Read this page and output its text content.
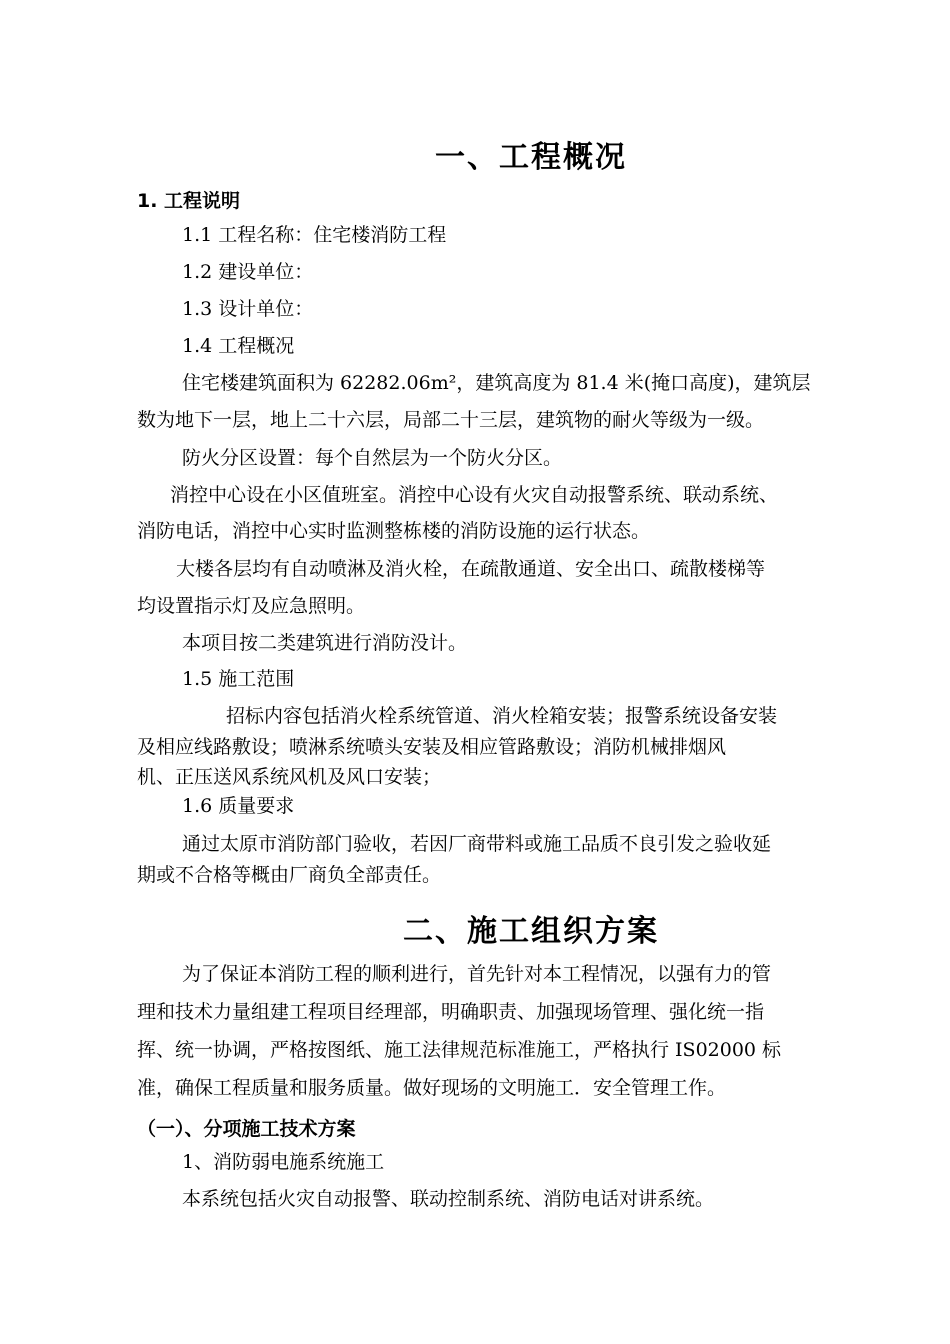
一、工程概况
1. 工程说明
1.1 工程名称：住宅楼消防工程
1.2 建设单位：
1.3 设计单位：
1.4 工程概况
住宅楼建筑面积为 62282.06m²，建筑高度为 81.4 米(掩口高度)，建筑层
数为地下一层，地上二十六层，局部二十三层，建筑物的耐火等级为一级。
防火分区设置：每个自然层为一个防火分区。
消控中心设在小区值班室。消控中心设有火灾自动报警系统、联动系统、
消防电话，消控中心实时监测整栋楼的消防设施的运行状态。
大楼各层均有自动喷淋及消火栓，在疏散通道、安全出口、疏散楼梯等
均设置指示灯及应急照明。
本项目按二类建筑进行消防没计。
1.5 施工范围
招标内容包括消火栓系统管道、消火栓箱安装；报警系统设备安装
及相应线路敷设；喷淋系统喷头安装及相应管路敷设；消防机械排烟风
机、正压送风系统风机及风口安装；
1.6 质量要求
通过太原市消防部门验收，若因厂商带料或施工品质不良引发之验收延
期或不合格等概由厂商负全部责任。
二、施工组织方案
为了保证本消防工程的顺利进行，首先针对本工程情况，以强有力的管
理和技术力量组建工程项目经理部，明确职责、加强现场管理、强化统一指
挥、统一协调，严格按图纸、施工法律规范标准施工，严格执行 IS02000 标
准，确保工程质量和服务质量。做好现场的文明施工．安全管理工作。
（一）、分项施工技术方案
1、消防弱电施系统施工
本系统包括火灾自动报警、联动控制系统、消防电话对讲系统。
